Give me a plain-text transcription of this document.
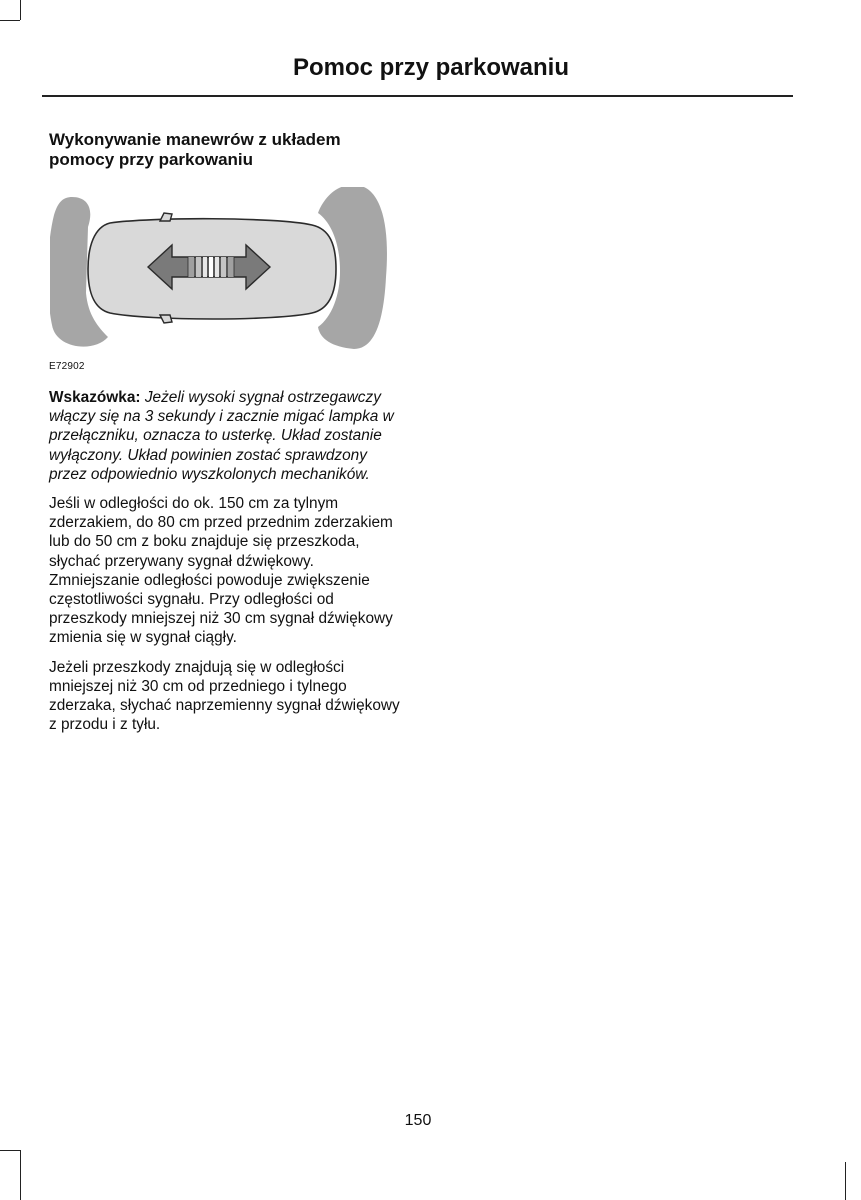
Pomoc przy parkowaniu
Wykonywanie manewrów z układem pomocy przy parkowaniu
E72902

Wskazówka: Jeżeli wysoki sygnał ostrzegawczy włączy się na 3 sekundy i zacznie migać lampka w przełączniku, oznacza to usterkę. Układ zostanie wyłączony. Układ powinien zostać sprawdzony przez odpowiednio wyszkolonych mechaników.

Jeśli w odległości do ok. 150 cm za tylnym zderzakiem, do 80 cm przed przednim zderzakiem lub do 50 cm z boku znajduje się przeszkoda, słychać przerywany sygnał dźwiękowy. Zmniejszanie odległości powoduje zwiększenie częstotliwości sygnału. Przy odległości od przeszkody mniejszej niż 30 cm sygnał dźwiękowy zmienia się w sygnał ciągły.

Jeżeli przeszkody znajdują się w odległości mniejszej niż 30 cm od przedniego i tylnego zderzaka, słychać naprzemienny sygnał dźwiękowy z przodu i z tyłu.

150
